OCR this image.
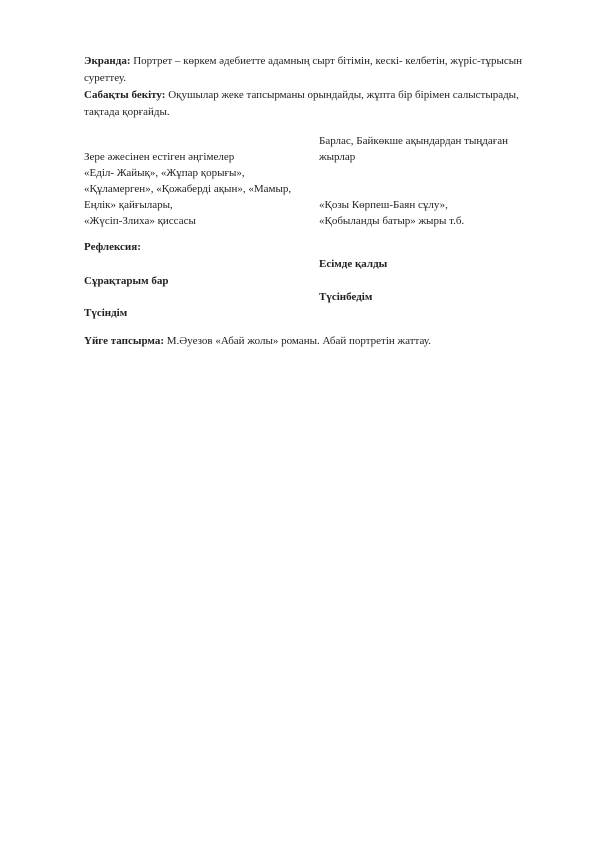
Экранда: Портрет – көркем әдебиетте адамның сырт бітімін, кескі- келбетін, жүріс-тұрысын суреттеу.
Сабақты бекіту: Оқушылар жеке тапсырманы орындайды, жұпта бір бірімен салыстырады, тақтада қорғайды.
Барлас, Байкөкше ақындардан тыңдаған
жырлар
Зере әжесінен естіген әңгімелер
«Еділ- Жайық», «Жұпар қорығы»,
«Құламерген», «Қожаберді ақын», «Мамыр,
Еңлік» қайғылары,
«Жүсіп-Злиха» қиссасы
«Қозы Көрпеш-Баян сұлу»,
«Қобыланды батыр» жыры т.б.
Рефлексия:
Есімде қалды
Сұрақтарым бар
Түсінбедім
Түсіндім
Үйге тапсырма: М.Әуезов «Абай жолы» романы. Абай портретін жаттау.
